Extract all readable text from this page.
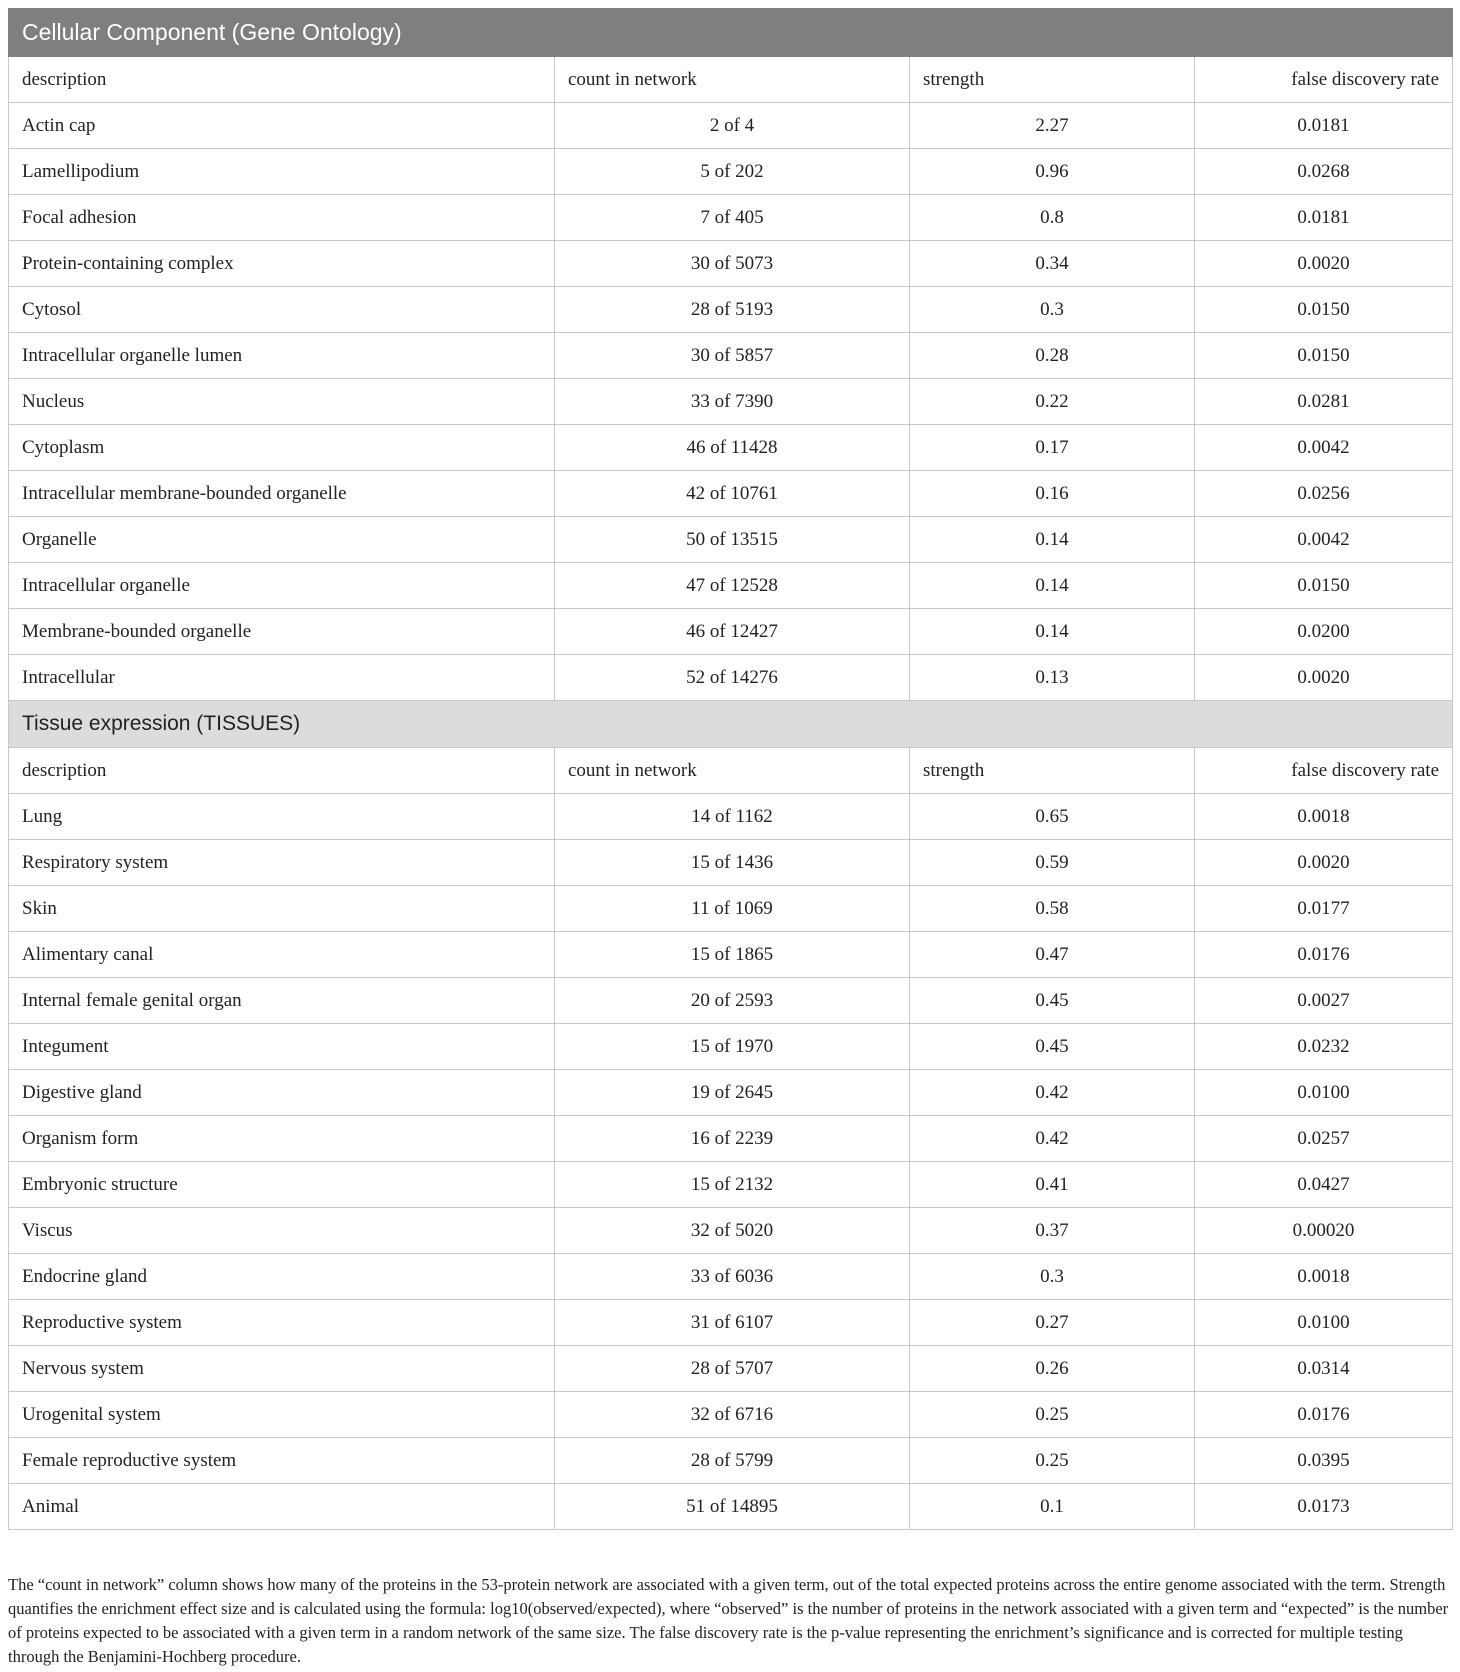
Cellular Component (Gene Ontology)			
description	count in network	strength	false discovery rate
Actin cap	2 of 4	2.27	0.0181
Lamellipodium	5 of 202	0.96	0.0268
Focal adhesion	7 of 405	0.8	0.0181
Protein-containing complex	30 of 5073	0.34	0.0020
Cytosol	28 of 5193	0.3	0.0150
Intracellular organelle lumen	30 of 5857	0.28	0.0150
Nucleus	33 of 7390	0.22	0.0281
Cytoplasm	46 of 11428	0.17	0.0042
Intracellular membrane-bounded organelle	42 of 10761	0.16	0.0256
Organelle	50 of 13515	0.14	0.0042
Intracellular organelle	47 of 12528	0.14	0.0150
Membrane-bounded organelle	46 of 12427	0.14	0.0200
Intracellular	52 of 14276	0.13	0.0020
Tissue expression (TISSUES)			
description	count in network	strength	false discovery rate
Lung	14 of 1162	0.65	0.0018
Respiratory system	15 of 1436	0.59	0.0020
Skin	11 of 1069	0.58	0.0177
Alimentary canal	15 of 1865	0.47	0.0176
Internal female genital organ	20 of 2593	0.45	0.0027
Integument	15 of 1970	0.45	0.0232
Digestive gland	19 of 2645	0.42	0.0100
Organism form	16 of 2239	0.42	0.0257
Embryonic structure	15 of 2132	0.41	0.0427
Viscus	32 of 5020	0.37	0.00020
Endocrine gland	33 of 6036	0.3	0.0018
Reproductive system	31 of 6107	0.27	0.0100
Nervous system	28 of 5707	0.26	0.0314
Urogenital system	32 of 6716	0.25	0.0176
Female reproductive system	28 of 5799	0.25	0.0395
Animal	51 of 14895	0.1	0.0173
The “count in network” column shows how many of the proteins in the 53-protein network are associated with a given term, out of the total expected proteins across the entire genome associated with the term. Strength quantifies the enrichment effect size and is calculated using the formula: log10(observed/expected), where “observed” is the number of proteins in the network associated with a given term and “expected” is the number of proteins expected to be associated with a given term in a random network of the same size. The false discovery rate is the p-value representing the enrichment’s significance and is corrected for multiple testing through the Benjamini-Hochberg procedure.
